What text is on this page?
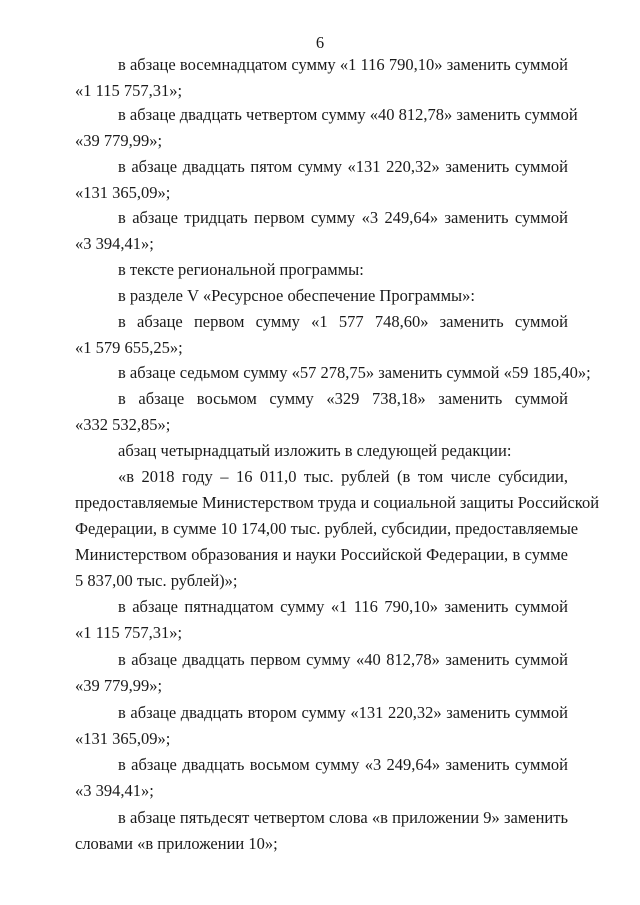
6
в абзаце восемнадцатом сумму «1 116 790,10» заменить суммой
«1 115 757,31»;
в абзаце двадцать четвертом сумму «40 812,78» заменить суммой
«39 779,99»;
в абзаце двадцать пятом сумму «131 220,32» заменить суммой
«131 365,09»;
в абзаце тридцать первом сумму «3 249,64» заменить суммой
«3 394,41»;
в тексте региональной программы:
в разделе V «Ресурсное обеспечение Программы»:
в абзаце первом сумму «1 577 748,60» заменить суммой
«1 579 655,25»;
в абзаце седьмом сумму «57 278,75» заменить суммой «59 185,40»;
в абзаце восьмом сумму «329 738,18» заменить суммой
«332 532,85»;
абзац четырнадцатый изложить в следующей редакции:
«в 2018 году – 16 011,0 тыс. рублей (в том числе субсидии,
предоставляемые Министерством труда и социальной защиты Российской
Федерации, в сумме 10 174,00 тыс. рублей, субсидии, предоставляемые
Министерством образования и науки Российской Федерации, в сумме
5 837,00 тыс. рублей)»;
в абзаце пятнадцатом сумму «1 116 790,10» заменить суммой
«1 115 757,31»;
в абзаце двадцать первом сумму «40 812,78» заменить суммой
«39 779,99»;
в абзаце двадцать втором сумму «131 220,32» заменить суммой
«131 365,09»;
в абзаце двадцать восьмом сумму «3 249,64» заменить суммой
«3 394,41»;
в абзаце пятьдесят четвертом слова «в приложении 9» заменить
словами «в приложении 10»;
